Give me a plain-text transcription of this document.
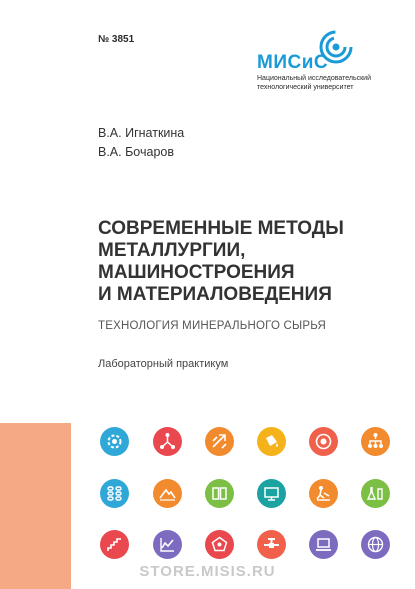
№ 3851
МИСиС
Национальный исследовательский
технологический университет
В.А. Игнаткина
В.А. Бочаров
СОВРЕМЕННЫЕ МЕТОДЫ
МЕТАЛЛУРГИИ,
МАШИНОСТРОЕНИЯ
И МАТЕРИАЛОВЕДЕНИЯ
ТЕХНОЛОГИЯ МИНЕРАЛЬНОГО СЫРЬЯ
Лабораторный практикум
STORE.MISIS.RU
